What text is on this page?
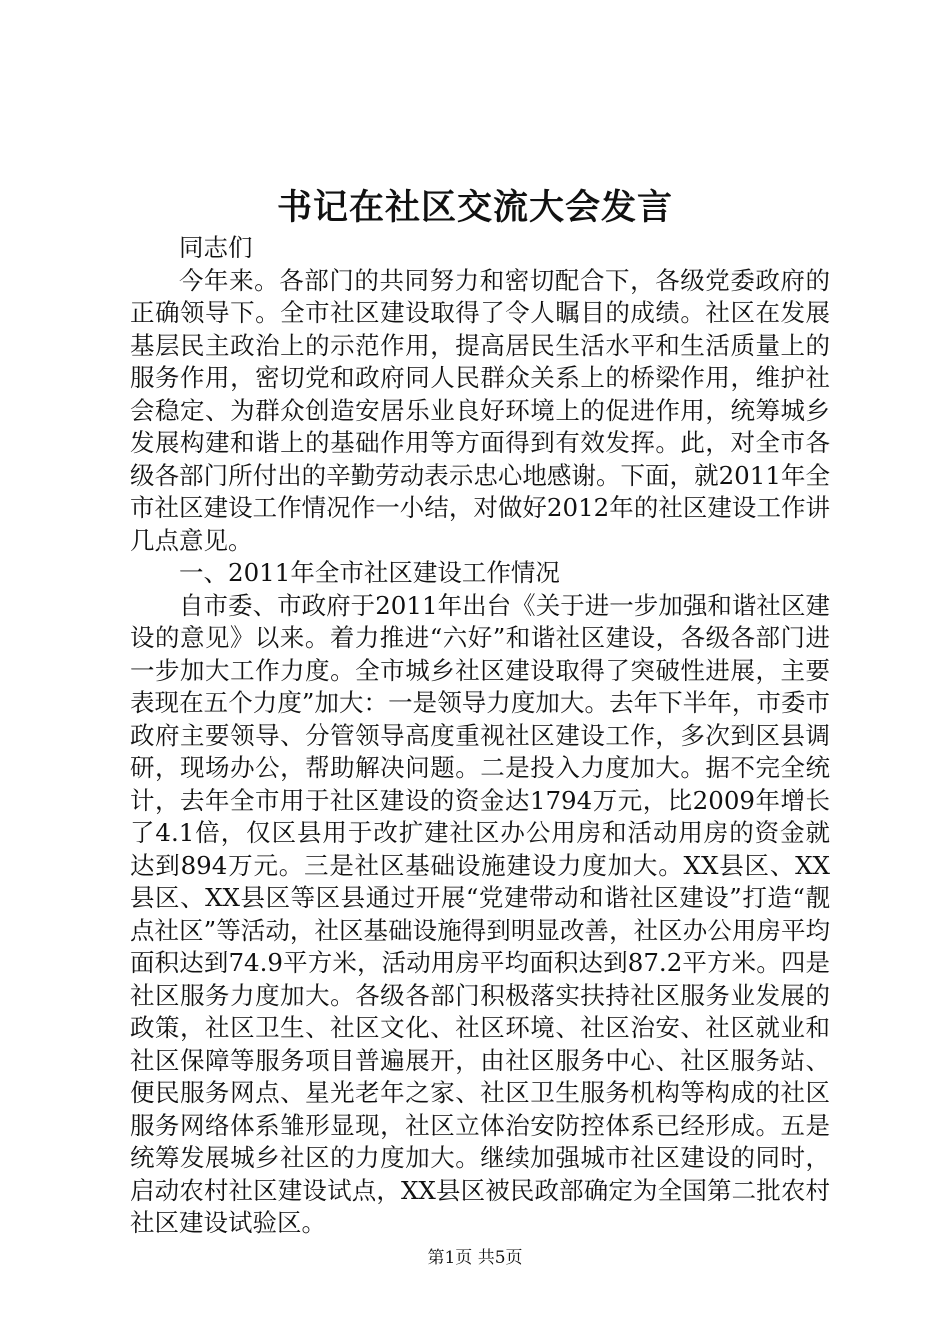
书记在社区交流大会发言

同志们

今年来。各部门的共同努力和密切配合下，各级党委政府的正确领导下。全市社区建设取得了令人瞩目的成绩。社区在发展基层民主政治上的示范作用，提高居民生活水平和生活质量上的服务作用，密切党和政府同人民群众关系上的桥梁作用，维护社会稳定、为群众创造安居乐业良好环境上的促进作用，统筹城乡发展构建和谐上的基础作用等方面得到有效发挥。此，对全市各级各部门所付出的辛勤劳动表示忠心地感谢。下面，就2011年全市社区建设工作情况作一小结，对做好2012年的社区建设工作讲几点意见。

一、2011年全市社区建设工作情况

自市委、市政府于2011年出台《关于进一步加强和谐社区建设的意见》以来。着力推进“六好”和谐社区建设，各级各部门进一步加大工作力度。全市城乡社区建设取得了突破性进展，主要表现在五个力度”加大：一是领导力度加大。去年下半年，市委市政府主要领导、分管领导高度重视社区建设工作，多次到区县调研，现场办公，帮助解决问题。二是投入力度加大。据不完全统计，去年全市用于社区建设的资金达1794万元，比2009年增长了4.1倍，仅区县用于改扩建社区办公用房和活动用房的资金就达到894万元。三是社区基础设施建设力度加大。XX县区、XX县区、XX县区等区县通过开展“党建带动和谐社区建设”打造“靓点社区”等活动，社区基础设施得到明显改善，社区办公用房平均面积达到74.9平方米，活动用房平均面积达到87.2平方米。四是社区服务力度加大。各级各部门积极落实扶持社区服务业发展的政策，社区卫生、社区文化、社区环境、社区治安、社区就业和社区保障等服务项目普遍展开，由社区服务中心、社区服务站、便民服务网点、星光老年之家、社区卫生服务机构等构成的社区服务网络体系雏形显现，社区立体治安防控体系已经形成。五是统筹发展城乡社区的力度加大。继续加强城市社区建设的同时，启动农村社区建设试点，XX县区被民政部确定为全国第二批农村社区建设试验区。

第1页 共5页
